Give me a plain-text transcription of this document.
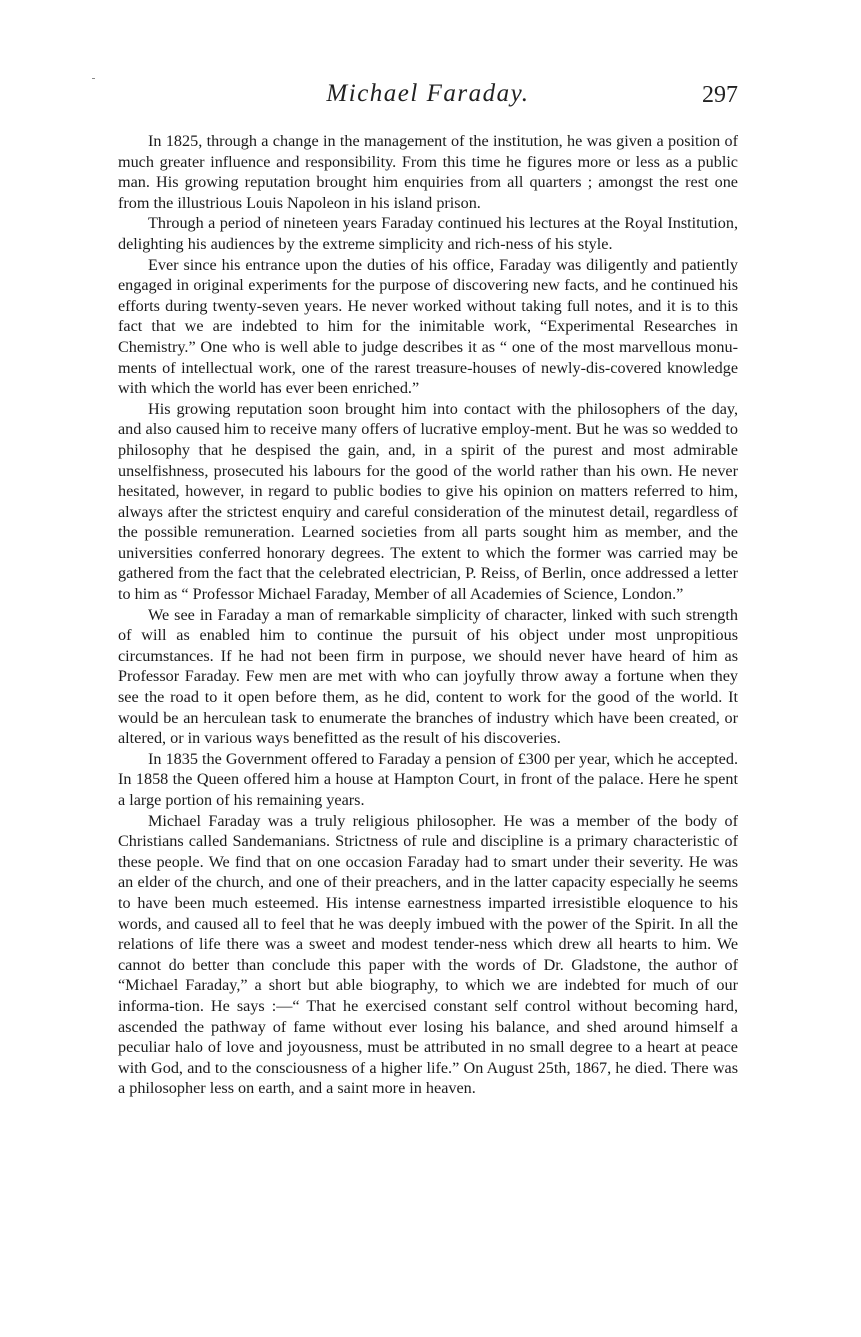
Michael Faraday.	297

In 1825, through a change in the management of the institution, he was given a position of much greater influence and responsibility. From this time he figures more or less as a public man. His growing reputation brought him enquiries from all quarters ; amongst the rest one from the illustrious Louis Napoleon in his island prison.

Through a period of nineteen years Faraday continued his lectures at the Royal Institution, delighting his audiences by the extreme simplicity and rich-ness of his style.

Ever since his entrance upon the duties of his office, Faraday was diligently and patiently engaged in original experiments for the purpose of discovering new facts, and he continued his efforts during twenty-seven years. He never worked without taking full notes, and it is to this fact that we are indebted to him for the inimitable work, “Experimental Researches in Chemistry.” One who is well able to judge describes it as “ one of the most marvellous monu-ments of intellectual work, one of the rarest treasure-houses of newly-dis-covered knowledge with which the world has ever been enriched.”

His growing reputation soon brought him into contact with the philosophers of the day, and also caused him to receive many offers of lucrative employ-ment. But he was so wedded to philosophy that he despised the gain, and, in a spirit of the purest and most admirable unselfishness, prosecuted his labours for the good of the world rather than his own. He never hesitated, however, in regard to public bodies to give his opinion on matters referred to him, always after the strictest enquiry and careful consideration of the minutest detail, regardless of the possible remuneration. Learned societies from all parts sought him as member, and the universities conferred honorary degrees. The extent to which the former was carried may be gathered from the fact that the celebrated electrician, P. Reiss, of Berlin, once addressed a letter to him as “ Professor Michael Faraday, Member of all Academies of Science, London.”

We see in Faraday a man of remarkable simplicity of character, linked with such strength of will as enabled him to continue the pursuit of his object under most unpropitious circumstances. If he had not been firm in purpose, we should never have heard of him as Professor Faraday. Few men are met with who can joyfully throw away a fortune when they see the road to it open before them, as he did, content to work for the good of the world. It would be an herculean task to enumerate the branches of industry which have been created, or altered, or in various ways benefitted as the result of his discoveries.

In 1835 the Government offered to Faraday a pension of £300 per year, which he accepted. In 1858 the Queen offered him a house at Hampton Court, in front of the palace. Here he spent a large portion of his remaining years.

Michael Faraday was a truly religious philosopher. He was a member of the body of Christians called Sandemanians. Strictness of rule and discipline is a primary characteristic of these people. We find that on one occasion Faraday had to smart under their severity. He was an elder of the church, and one of their preachers, and in the latter capacity especially he seems to have been much esteemed. His intense earnestness imparted irresistible eloquence to his words, and caused all to feel that he was deeply imbued with the power of the Spirit. In all the relations of life there was a sweet and modest tender-ness which drew all hearts to him. We cannot do better than conclude this paper with the words of Dr. Gladstone, the author of “Michael Faraday,” a short but able biography, to which we are indebted for much of our informa-tion. He says :—“ That he exercised constant self control without becoming hard, ascended the pathway of fame without ever losing his balance, and shed around himself a peculiar halo of love and joyousness, must be attributed in no small degree to a heart at peace with God, and to the consciousness of a higher life.” On August 25th, 1867, he died. There was a philosopher less on earth, and a saint more in heaven.
